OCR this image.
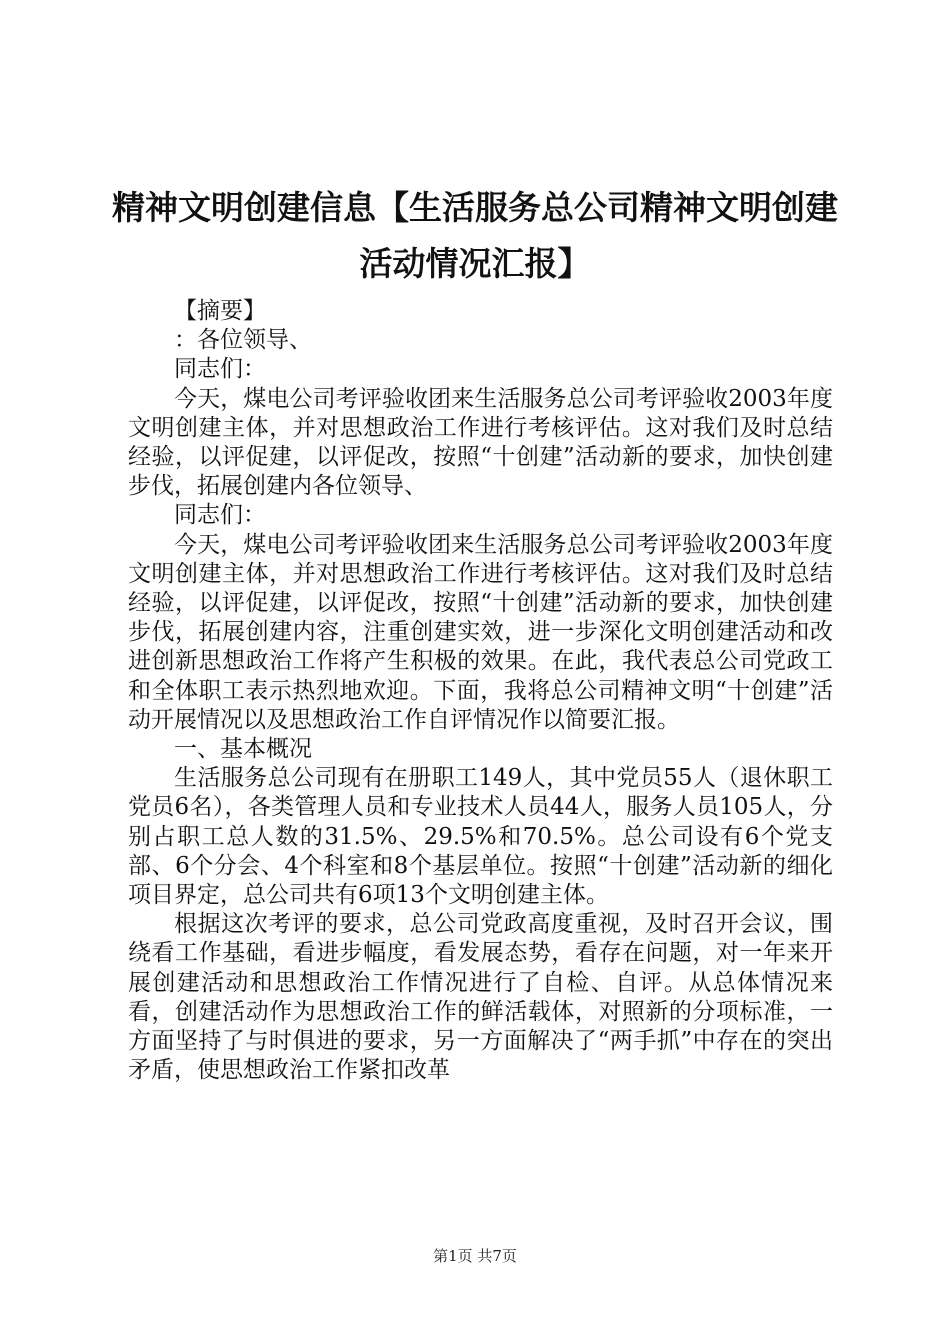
精神文明创建信息【生活服务总公司精神文明创建活动情况汇报】

【摘要】

：各位领导、

同志们：

今天，煤电公司考评验收团来生活服务总公司考评验收2003年度文明创建主体，并对思想政治工作进行考核评估。这对我们及时总结经验，以评促建，以评促改，按照“十创建”活动新的要求，加快创建步伐，拓展创建内各位领导、

同志们：

今天，煤电公司考评验收团来生活服务总公司考评验收2003年度文明创建主体，并对思想政治工作进行考核评估。这对我们及时总结经验，以评促建，以评促改，按照“十创建”活动新的要求，加快创建步伐，拓展创建内容，注重创建实效，进一步深化文明创建活动和改进创新思想政治工作将产生积极的效果。在此，我代表总公司党政工和全体职工表示热烈地欢迎。下面，我将总公司精神文明“十创建”活动开展情况以及思想政治工作自评情况作以简要汇报。

一、基本概况

生活服务总公司现有在册职工149人，其中党员55人（退休职工党员6名），各类管理人员和专业技术人员44人，服务人员105人，分别占职工总人数的31.5%、29.5%和70.5%。总公司设有6个党支部、6个分会、4个科室和8个基层单位。按照“十创建”活动新的细化项目界定，总公司共有6项13个文明创建主体。

根据这次考评的要求，总公司党政高度重视，及时召开会议，围绕看工作基础，看进步幅度，看发展态势，看存在问题，对一年来开展创建活动和思想政治工作情况进行了自检、自评。从总体情况来看，创建活动作为思想政治工作的鲜活载体，对照新的分项标准，一方面坚持了与时俱进的要求，另一方面解决了“两手抓”中存在的突出矛盾，使思想政治工作紧扣改革

第1页 共7页
